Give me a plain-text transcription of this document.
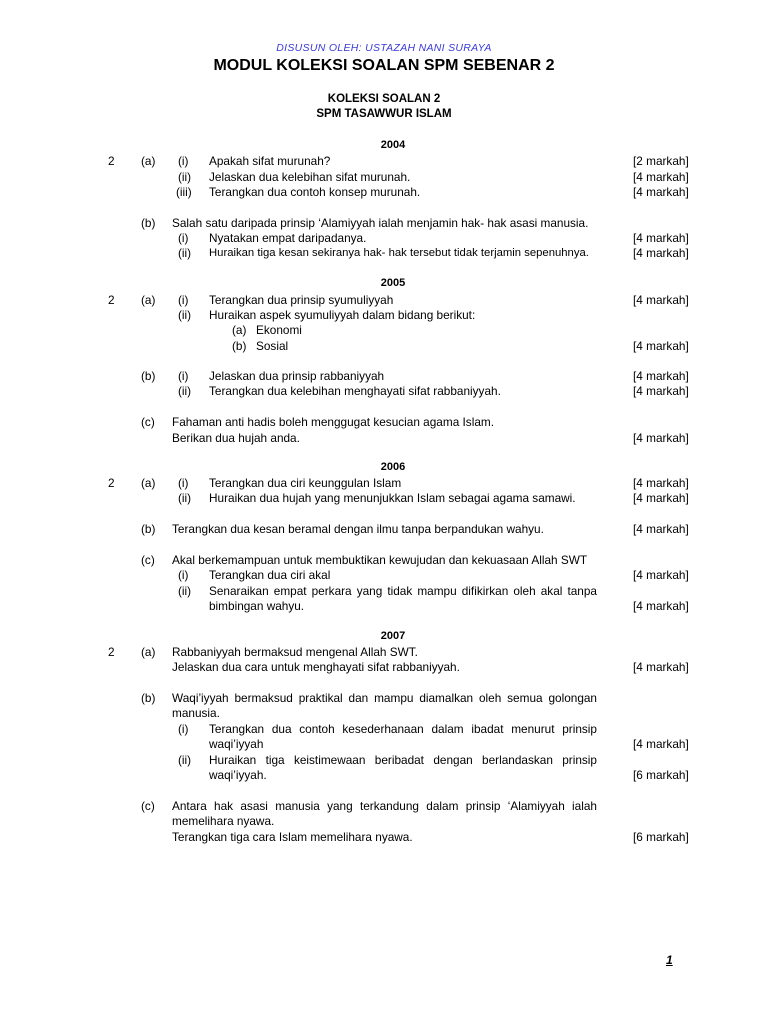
DISUSUN OLEH: USTAZAH NANI SURAYA
MODUL KOLEKSI SOALAN SPM SEBENAR 2
KOLEKSI SOALAN 2
SPM TASAWWUR ISLAM
2004
2 (a) (i) Apakah sifat murunah?	[2 markah]
(ii) Jelaskan dua kelebihan sifat murunah.	[4 markah]
(iii) Terangkan dua contoh konsep murunah.	[4 markah]
(b) Salah satu daripada prinsip ‘Alamiyyah ialah menjamin hak- hak asasi manusia.
(i) Nyatakan empat daripadanya.	[4 markah]
(ii) Huraikan tiga kesan sekiranya hak- hak tersebut tidak terjamin sepenuhnya.	[4 markah]
2005
2 (a) (i) Terangkan dua prinsip syumuliyyah	[4 markah]
(ii) Huraikan aspek syumuliyyah dalam bidang berikut:
(a) Ekonomi
(b) Sosial	[4 markah]
(b) (i) Jelaskan dua prinsip rabbaniyyah	[4 markah]
(ii) Terangkan dua kelebihan menghayati sifat rabbaniyyah.	[4 markah]
(c) Fahaman anti hadis boleh menggugat kesucian agama Islam.
Berikan dua hujah anda.	[4 markah]
2006
2 (a) (i) Terangkan dua ciri keunggulan Islam	[4 markah]
(ii) Huraikan dua hujah yang menunjukkan Islam sebagai agama samawi.	[4 markah]
(b) Terangkan dua kesan beramal dengan ilmu tanpa berpandukan wahyu.	[4 markah]
(c) Akal berkemampuan untuk membuktikan kewujudan dan kekuasaan Allah SWT
(i) Terangkan dua ciri akal	[4 markah]
(ii) Senaraikan empat perkara yang tidak mampu difikirkan oleh akal tanpa
bimbingan wahyu.	[4 markah]
2007
2 (a) Rabbaniyyah bermaksud mengenal Allah SWT.
Jelaskan dua cara untuk menghayati sifat rabbaniyyah.	[4 markah]
(b) Waqi’iyyah bermaksud praktikal dan mampu diamalkan oleh semua golongan
manusia.
(i) Terangkan dua contoh kesederhanaan dalam ibadat menurut prinsip
waqi’iyyah	[4 markah]
(ii) Huraikan tiga keistimewaan beribadat dengan berlandaskan prinsip
waqi’iyyah.	[6 markah]
(c) Antara hak asasi manusia yang terkandung dalam prinsip ‘Alamiyyah ialah
memelihara nyawa.
Terangkan tiga cara Islam memelihara nyawa.	[6 markah]
1
